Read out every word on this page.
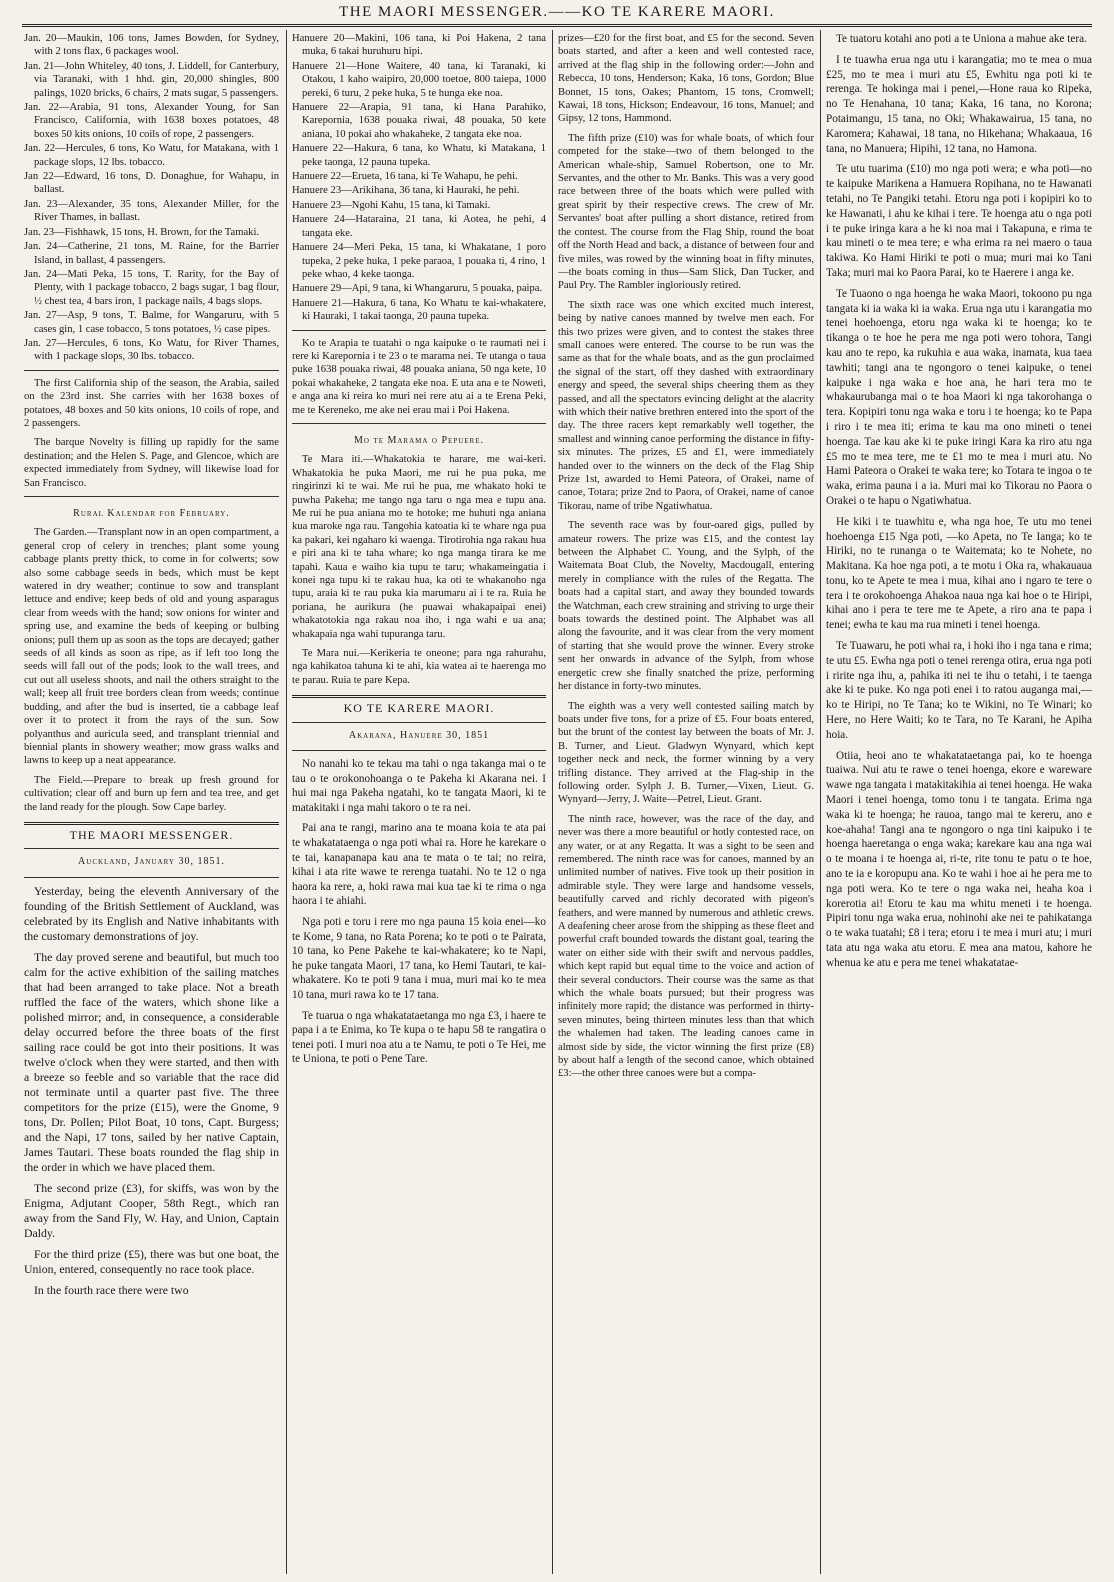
THE MAORI MESSENGER.——KO TE KARERE MAORI.
Jan. 20—Maukin, 106 tons, James Bowden, for Sydney, with 2 tons flax, 6 packages wool.
Jan. 21—John Whiteley, 40 tons, J. Liddell, for Canterbury, via Taranaki, with 1 hhd. gin, 20,000 shingles, 800 palings, 1020 bricks, 6 chairs, 2 mats sugar, 5 passengers.
Jan. 22—Arabia, 91 tons, Alexander Young, for San Francisco, California, with 1638 boxes potatoes, 48 boxes 50 kits onions, 10 coils of rope, 2 passengers.
Jan. 22—Hercules, 6 tons, Ko Watu, for Matakana, with 1 package slops, 12 lbs. tobacco.
Jan 22—Edward, 16 tons, D. Donaghue, for Wahapu, in ballast.
Jan. 23—Alexander, 35 tons, Alexander Miller, for the River Thames, in ballast.
Jan. 23—Fishhawk, 15 tons, H. Brown, for the Tamaki.
Jan. 24—Catherine, 21 tons, M. Raine, for the Barrier Island, in ballast, 4 passengers.
Jan. 24—Mati Peka, 15 tons, T. Rarity, for the Bay of Plenty, with 1 package tobacco, 2 bags sugar, 1 bag flour, ½ chest tea, 4 bars iron, 1 package nails, 4 bags slops.
Jan. 27—Asp, 9 tons, T. Balme, for Wangaruru, with 5 cases gin, 1 case tobacco, 5 tons potatoes, ½ case pipes.
Jan. 27—Hercules, 6 tons, Ko Watu, for River Thames, with 1 package slops, 30 lbs. tobacco.

The first California ship of the season, the Arabia, sailed on the 23rd inst. She carries with her 1638 boxes of potatoes, 48 boxes and 50 kits onions, 10 coils of rope, and 2 passengers.

The barque Novelty is filling up rapidly for the same destination; and the Helen S. Page, and Glencoe, which are expected immediately from Sydney, will likewise load for San Francisco.

Rural Kalendar for February.

The Garden.—Transplant now in an open compartment, a general crop of celery in trenches; plant some young cabbage plants pretty thick, to come in for colwerts; sow also some cabbage seeds in beds, which must be kept watered in dry weather; continue to sow and transplant lettuce and endive; keep beds of old and young asparagus clear from weeds with the hand; sow onions for winter and spring use, and examine the beds of keeping or bulbing onions; pull them up as soon as the tops are decayed; gather seeds of all kinds as soon as ripe, as if left too long the seeds will fall out of the pods; look to the wall trees, and cut out all useless shoots, and nail the others straight to the wall; keep all fruit tree borders clean from weeds; continue budding, and after the bud is inserted, tie a cabbage leaf over it to protect it from the rays of the sun. Sow polyanthus and auricula seed, and transplant triennial and biennial plants in showery weather; mow grass walks and lawns to keep up a neat appearance.

The Field.—Prepare to break up fresh ground for cultivation; clear off and burn up fern and tea tree, and get the land ready for the plough. Sow Cape barley.

THE MAORI MESSENGER.
Auckland, January 30, 1851.

Yesterday, being the eleventh Anniversary of the founding of the British Settlement of Auckland, was celebrated by its English and Native inhabitants with the customary demonstrations of joy.

The day proved serene and beautiful, but much too calm for the active exhibition of the sailing matches that had been arranged to take place. Not a breath ruffled the face of the waters, which shone like a polished mirror; and, in consequence, a considerable delay occurred before the three boats of the first sailing race could be got into their positions. It was twelve o'clock when they were started, and then with a breeze so feeble and so variable that the race did not terminate until a quarter past five. The three competitors for the prize (£15), were the Gnome, 9 tons, Dr. Pollen; Pilot Boat, 10 tons, Capt. Burgess; and the Napi, 17 tons, sailed by her native Captain, James Tautari. These boats rounded the flag ship in the order in which we have placed them.

The second prize (£3), for skiffs, was won by the Enigma, Adjutant Cooper, 58th Regt., which ran away from the Sand Fly, W. Hay, and Union, Captain Daldy.

For the third prize (£5), there was but one boat, the Union, entered, consequently no race took place.

In the fourth race there were two

Hanuere 20—Makini, 106 tana, ki Poi Hakena, 2 tana muka, 6 takai huruhuru hipi.
Hanuere 21—Hone Waitere, 40 tana, ki Taranaki, ki Otakou, 1 kaho waipiro, 20,000 toetoe, 800 taiepa, 1000 pereki, 6 turu, 2 peke huka, 5 te hunga eke noa.
Hanuere 22—Arapia, 91 tana, ki Hana Parahiko, Karepornia, 1638 pouaka riwai, 48 pouaka, 50 kete aniana, 10 pokai aho whakaheke, 2 tangata eke noa.
Hanuere 22—Hakura, 6 tana, ko Whatu, ki Matakana, 1 peke taonga, 12 pauna tupeka.
Hanuere 22—Erueta, 16 tana, ki Te Wahapu, he pehi.
Hanuere 23—Arikihana, 36 tana, ki Hauraki, he pehi.
Hanuere 23—Ngohi Kahu, 15 tana, ki Tamaki.
Hanuere 24—Hataraina, 21 tana, ki Aotea, he pehi, 4 tangata eke.
Hanuere 24—Meri Peka, 15 tana, ki Whakatane, 1 poro tupeka, 2 peke huka, 1 peke paraoa, 1 pouaka ti, 4 rino, 1 peke whao, 4 keke taonga.
Hanuere 29—Api, 9 tana, ki Whangaruru, 5 pouaka, paipa.
Hanuere 21—Hakura, 6 tana, Ko Whatu te kai-whakatere, ki Hauraki, 1 takai taonga, 20 pauna tupeka.

Ko te Arapia te tuatahi o nga kaipuke o te raumati nei i rere ki Karepornia i te 23 o te marama nei. Te utanga o taua puke 1638 pouaka riwai, 48 pouaka aniana, 50 nga kete, 10 pokai whakaheke, 2 tangata eke noa. E uta ana e te Noweti, e anga ana ki reira ko muri nei rere atu ai a te Erena Peki, me te Kereneko, me ake nei erau mai i Poi Hakena.

Mo te Marama o Pepuere.

Te Mara iti.—Whakatokia te harare, me wai-keri. Whakatokia he puka Maori, me rui he pua puka, me ringirinzi ki te wai. Me rui he pua, me whakato hoki te puwha Pakeha; me tango nga taru o nga mea e tupu ana. Me rui he pua aniana mo te hotoke; me huhuti nga aniana kua maroke nga rau. Tangohia katoatia ki te whare nga pua ka pakari, kei ngaharo ki waenga. Tirotirohia nga rakau hua e piri ana ki te taha whare; ko nga manga tirara ke me tapahi. Kaua e waiho kia tupu te taru; whakameingatia i konei nga tupu ki te rakau hua, ka oti te whakanoho nga tupu, araia ki te rau puka kia marumaru ai i te ra. Ruia he poriana, he aurikura (he puawai whakapaipai enei) whakatotokia nga rakau noa iho, i nga wahi e ua ana; whakapaia nga wahi tupuranga taru.

Te Mara nui.—Kerikeria te oneone; para nga rahurahu, nga kahikatoa tahuna ki te ahi, kia watea ai te haerenga mo te parau. Ruia te pare Kepa.

KO TE KARERE MAORI.
Akarana, Hanuere 30, 1851

No nanahi ko te tekau ma tahi o nga takanga mai o te tau o te orokonohoanga o te Pakeha ki Akarana nei. I hui mai nga Pakeha ngatahi, ko te tangata Maori, ki te matakitaki i nga mahi takoro o te ra nei.

Pai ana te rangi, marino ana te moana koia te ata pai te whakatataenga o nga poti whai ra. Hore he karekare o te tai, kanapanapa kau ana te mata o te tai; no reira, kihai i ata rite wawe te rerenga tuatahi. No te 12 o nga haora ka rere, a, hoki rawa mai kua tae ki te rima o nga haora i te ahiahi.

Nga poti e toru i rere mo nga pauna 15 koia enei—ko te Kome, 9 tana, no Rata Porena; ko te poti o te Pairata, 10 tana, ko Pene Pakehe te kai-whakatere; ko te Napi, he puke tangata Maori, 17 tana, ko Hemi Tautari, te kai-whakatere. Ko te poti 9 tana i mua, muri mai ko te mea 10 tana, muri rawa ko te 17 tana.

Te tuarua o nga whakatataetanga mo nga £3, i haere te papa i a te Enima, ko Te kupa o te hapu 58 te rangatira o tenei poti. I muri noa atu a te Namu, te poti o Te Hei, me te Uniona, te poti o Pene Tare.

prizes—£20 for the first boat, and £5 for the second. Seven boats started, and after a keen and well contested race, arrived at the flag ship in the following order:—John and Rebecca, 10 tons, Henderson; Kaka, 16 tons, Gordon; Blue Bonnet, 15 tons, Oakes; Phantom, 15 tons, Cromwell; Kawai, 18 tons, Hickson; Endeavour, 16 tons, Manuel; and Gipsy, 12 tons, Hammond.

The fifth prize (£10) was for whale boats, of which four competed for the stake—two of them belonged to the American whale-ship, Samuel Robertson, one to Mr. Servantes, and the other to Mr. Banks. This was a very good race between three of the boats which were pulled with great spirit by their respective crews. The crew of Mr. Servantes' boat after pulling a short distance, retired from the contest. The course from the Flag Ship, round the boat off the North Head and back, a distance of between four and five miles, was rowed by the winning boat in fifty minutes,—the boats coming in thus—Sam Slick, Dan Tucker, and Paul Pry. The Rambler ingloriously retired.

The sixth race was one which excited much interest, being by native canoes manned by twelve men each. For this two prizes were given, and to contest the stakes three small canoes were entered. The course to be run was the same as that for the whale boats, and as the gun proclaimed the signal of the start, off they dashed with extraordinary energy and speed, the several ships cheering them as they passed, and all the spectators evincing delight at the alacrity with which their native brethren entered into the sport of the day. The three racers kept remarkably well together, the smallest and winning canoe performing the distance in fifty-six minutes. The prizes, £5 and £1, were immediately handed over to the winners on the deck of the Flag Ship Prize 1st, awarded to Hemi Pateora, of Orakei, name of canoe, Totara; prize 2nd to Paora, of Orakei, name of canoe Tikorau, name of tribe Ngatiwhatua.

The seventh race was by four-oared gigs, pulled by amateur rowers. The prize was £15, and the contest lay between the Alphabet C. Young, and the Sylph, of the Waitemata Boat Club, the Novelty, Macdougall, entering merely in compliance with the rules of the Regatta. The boats had a capital start, and away they bounded towards the Watchman, each crew straining and striving to urge their boats towards the destined point. The Alphabet was all along the favourite, and it was clear from the very moment of starting that she would prove the winner. Every stroke sent her onwards in advance of the Sylph, from whose energetic crew she finally snatched the prize, performing her distance in forty-two minutes.

The eighth was a very well contested sailing match by boats under five tons, for a prize of £5. Four boats entered, but the brunt of the contest lay between the boats of Mr. J. B. Turner, and Lieut. Gladwyn Wynyard, which kept together neck and neck, the former winning by a very trifling distance. They arrived at the Flag-ship in the following order. Sylph J. B. Turner,—Vixen, Lieut. G. Wynyard—Jerry, J. Waite—Petrel, Lieut. Grant.

The ninth race, however, was the race of the day, and never was there a more beautiful or hotly contested race, on any water, or at any Regatta. It was a sight to be seen and remembered. The ninth race was for canoes, manned by an unlimited number of natives. Five took up their position in admirable style. They were large and handsome vessels, beautifully carved and richly decorated with pigeon's feathers, and were manned by numerous and athletic crews. A deafening cheer arose from the shipping as these fleet and powerful craft bounded towards the distant goal, tearing the water on either side with their swift and nervous paddles, which kept rapid but equal time to the voice and action of their several conductors. Their course was the same as that which the whale boats pursued; but their progress was infinitely more rapid; the distance was performed in thirty-seven minutes, being thirteen minutes less than that which the whalemen had taken. The leading canoes came in almost side by side, the victor winning the first prize (£8) by about half a length of the second canoe, which obtained £3:—the other three canoes were but a compa-

Te tuatoru kotahi ano poti a te Uniona a mahue ake tera.

I te tuawha erua nga utu i karangatia; mo te mea o mua £25, mo te mea i muri atu £5, Ewhitu nga poti ki te rerenga. Te hokinga mai i penei,—Hone raua ko Ripeka, no Te Henahana, 10 tana; Kaka, 16 tana, no Korona; Potaimangu, 15 tana, no Oki; Whakawairua, 15 tana, no Karomera; Kahawai, 18 tana, no Hikehana; Whakaaua, 16 tana, no Manuera; Hipihi, 12 tana, no Hamona.

Te utu tuarima (£10) mo nga poti wera; e wha poti—no te kaipuke Marikena a Hamuera Ropihana, no te Hawanati tetahi, no Te Pangiki tetahi. Etoru nga poti i kopipiri ko to ke Hawanati, i ahu ke kihai i tere. Te hoenga atu o nga poti i te puke iringa kara a he ki noa mai i Takapuna, e rima te kau mineti o te mea tere; e wha erima ra nei maero o taua takiwa. Ko Hami Hiriki te poti o mua; muri mai ko Tani Taka; muri mai ko Paora Parai, ko te Haerere i anga ke.

Te Tuaono o nga hoenga he waka Maori, tokoono pu nga tangata ki ia waka ki ia waka. Erua nga utu i karangatia mo tenei hoehoenga, etoru nga waka ki te hoenga; ko te tikanga o te hoe he pera me nga poti wero tohora, Tangi kau ano te repo, ka rukuhia e aua waka, inamata, kua taea tawhiti; tangi ana te ngongoro o tenei kaipuke, o tenei kaipuke i nga waka e hoe ana, he hari tera mo te whakaurubanga mai o te hoa Maori ki nga takorohanga o tera. Kopipiri tonu nga waka e toru i te hoenga; ko te Papa i riro i te mea iti; erima te kau ma ono mineti o tenei hoenga. Tae kau ake ki te puke iringi Kara ka riro atu nga £5 mo te mea tere, me te £1 mo te mea i muri atu. No Hami Pateora o Orakei te waka tere; ko Totara te ingoa o te waka, erima pauna i a ia. Muri mai ko Tikorau no Paora o Orakei o te hapu o Ngatiwhatua.

He kiki i te tuawhitu e, wha nga hoe, Te utu mo tenei hoehoenga £15 Nga poti, —ko Apeta, no Te Ianga; ko te Hiriki, no te runanga o te Waitemata; ko te Nohete, no Makitana. Ka hoe nga poti, a te motu i Oka ra, whakauaua tonu, ko te Apete te mea i mua, kihai ano i ngaro te tere o tera i te orokohoenga Ahakoa naua nga kai hoe o te Hiripi, kihai ano i pera te tere me te Apete, a riro ana te papa i tenei; ewha te kau ma rua mineti i tenei hoenga.

Te Tuawaru, he poti whai ra, i hoki iho i nga tana e rima; te utu £5. Ewha nga poti o tenei rerenga otira, erua nga poti i ririte nga ihu, a, pahika iti nei te ihu o tetahi, i te taenga ake ki te puke. Ko nga poti enei i to ratou auganga mai,—ko te Hiripi, no Te Tana; ko te Wikini, no Te Winari; ko Here, no Here Waiti; ko te Tara, no Te Karani, he Apiha hoia.

Otiia, heoi ano te whakatataetanga pai, ko te hoenga tuaiwa. Nui atu te rawe o tenei hoenga, ekore e wareware wawe nga tangata i matakitakihia ai tenei hoenga. He waka Maori i tenei hoenga, tomo tonu i te tangata. Erima nga waka ki te hoenga; he rauoa, tango mai te kereru, ano e koe-ahaha! Tangi ana te ngongoro o nga tini kaipuko i te hoenga haeretanga o enga waka; karekare kau ana nga wai o te moana i te hoenga ai, ri-te, rite tonu te patu o te hoe, ano te ia e koropupu ana. Ko te wahi i hoe ai he pera me to nga poti wera. Ko te tere o nga waka nei, heaha koa i korerotia ai! Etoru te kau ma whitu meneti i te hoenga. Pipiri tonu nga waka erua, nohinohi ake nei te pahikatanga o te waka tuatahi; £8 i tera; etoru i te mea i muri atu; i muri tata atu nga waka atu etoru. E mea ana matou, kahore he whenua ke atu e pera me tenei whakatatae-
